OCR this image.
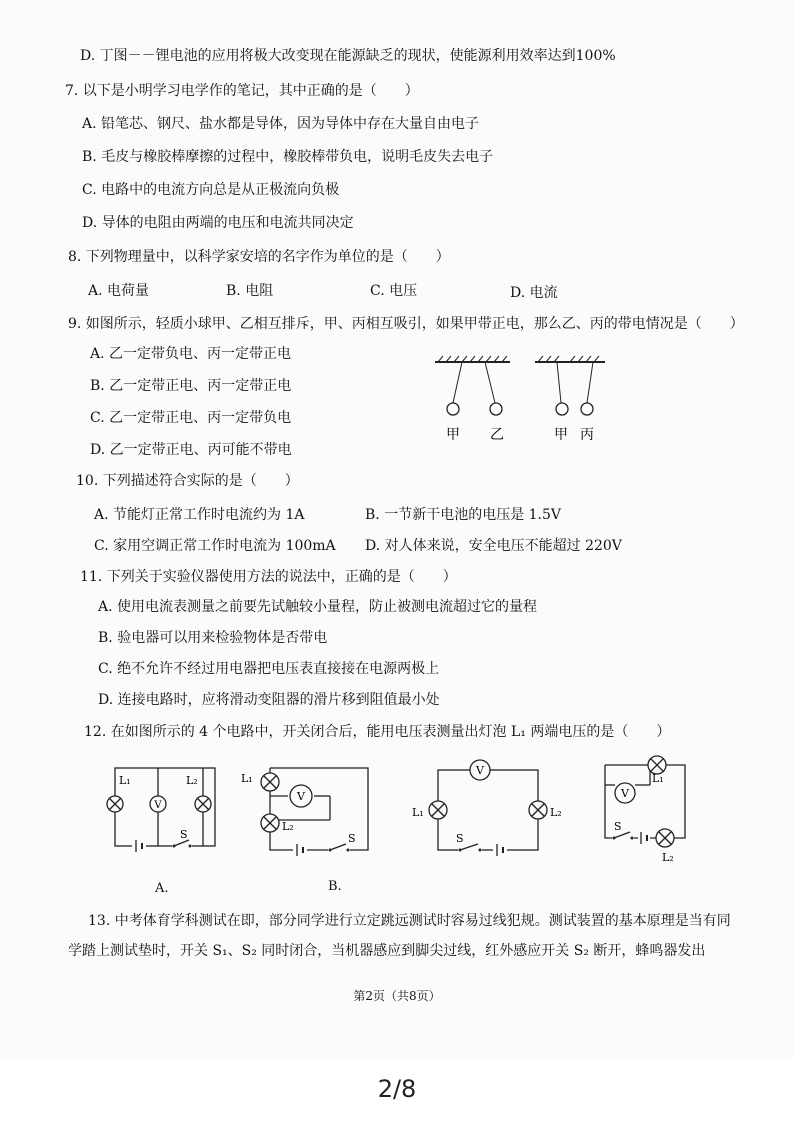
D. 丁图－－锂电池的应用将极大改变现在能源缺乏的现状，使能源利用效率达到100%
7. 以下是小明学习电学作的笔记，其中正确的是（　　）
A. 铅笔芯、钢尺、盐水都是导体，因为导体中存在大量自由电子
B. 毛皮与橡胶棒摩擦的过程中，橡胶棒带负电，说明毛皮失去电子
C. 电路中的电流方向总是从正极流向负极
D. 导体的电阻由两端的电压和电流共同决定
8. 下列物理量中，以科学家安培的名字作为单位的是（　　）
A. 电荷量	B. 电阻	C. 电压	D. 电流
9. 如图所示，轻质小球甲、乙相互排斥，甲、丙相互吸引，如果甲带正电，那么乙、丙的带电情况是（　　）
A. 乙一定带负电、丙一定带正电
B. 乙一定带正电、丙一定带正电
C. 乙一定带正电、丙一定带负电
D. 乙一定带正电、丙可能不带电
甲 乙	甲 丙
10. 下列描述符合实际的是（　　）
A. 节能灯正常工作时电流约为 1A	B. 一节新干电池的电压是 1.5V
C. 家用空调正常工作时电流为 100mA D. 对人体来说，安全电压不能超过 220V
11. 下列关于实验仪器使用方法的说法中，正确的是（　　）
A. 使用电流表测量之前要先试触较小量程，防止被测电流超过它的量程
B. 验电器可以用来检验物体是否带电
C. 绝不允许不经过用电器把电压表直接接在电源两极上
D. 连接电路时，应将滑动变阻器的滑片移到阻值最小处
12. 在如图所示的 4 个电路中，开关闭合后，能用电压表测量出灯泡 L₁ 两端电压的是（　　）
V
L₁	L₂
S
A.
V
L₁
L₂
S
B.
V
L₁	L₂
S
V
L₁
L₂
S
13. 中考体育学科测试在即，部分同学进行立定跳远测试时容易过线犯规。测试装置的基本原理是当有同
学踏上测试垫时，开关 S₁、S₂ 同时闭合，当机器感应到脚尖过线，红外感应开关 S₂ 断开，蜂鸣器发出
第2页（共8页）
2/8
